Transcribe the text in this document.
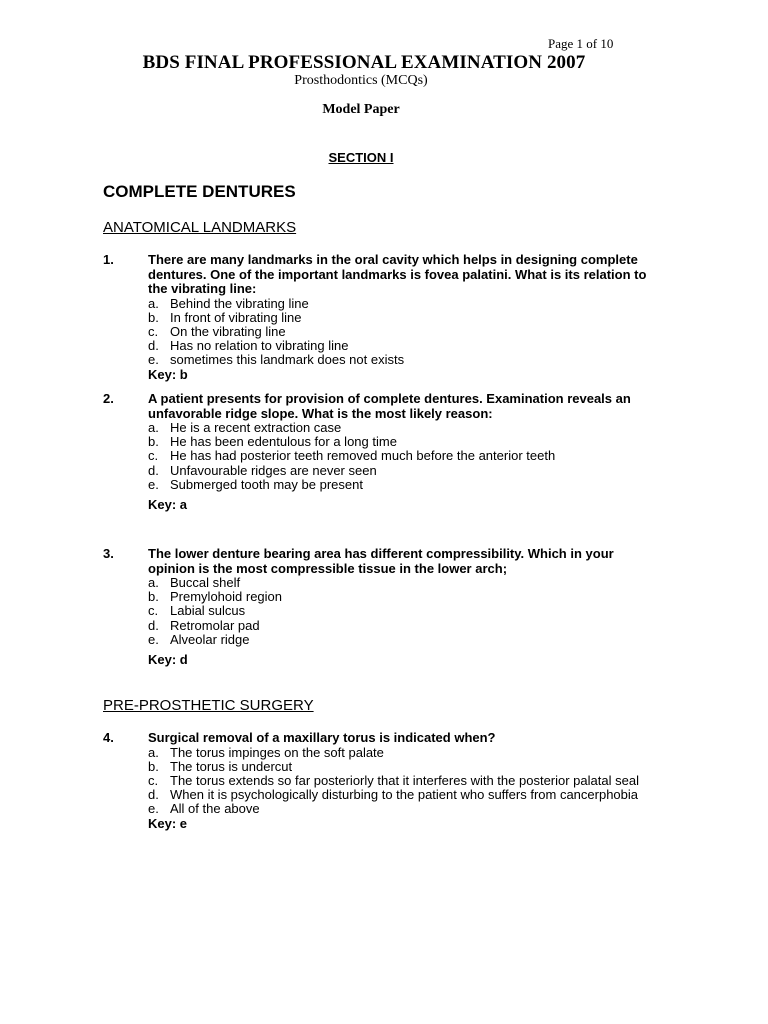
Page 1 of 10
BDS FINAL PROFESSIONAL EXAMINATION 2007
Prosthodontics (MCQs)
Model Paper
SECTION I
COMPLETE DENTURES
ANATOMICAL LANDMARKS
1.	There are many landmarks in the oral cavity which helps in designing complete dentures. One of the important landmarks is fovea palatini. What is its relation to the vibrating line:
a. Behind the vibrating line
b. In front of vibrating line
c. On the vibrating line
d. Has no relation to vibrating line
e. sometimes this landmark does not exists
Key: b
2.	A patient presents for provision of complete dentures. Examination reveals an unfavorable ridge slope. What is the most likely reason:
a. He is a recent extraction case
b. He has been edentulous for a long time
c. He has had posterior teeth removed much before the anterior teeth
d. Unfavourable ridges are never seen
e. Submerged tooth may be present
Key: a
3.	The lower denture bearing area has different compressibility. Which in your opinion is the most compressible tissue in the lower arch;
a. Buccal shelf
b. Premylohoid region
c. Labial sulcus
d. Retromolar pad
e. Alveolar ridge
Key: d
PRE-PROSTHETIC SURGERY
4.	Surgical removal of a maxillary torus is indicated when?
a. The torus impinges on the soft palate
b. The torus is undercut
c. The torus extends so far posteriorly that it interferes with the posterior palatal seal
d. When it is psychologically disturbing to the patient who suffers from cancerphobia
e. All of the above
Key: e
